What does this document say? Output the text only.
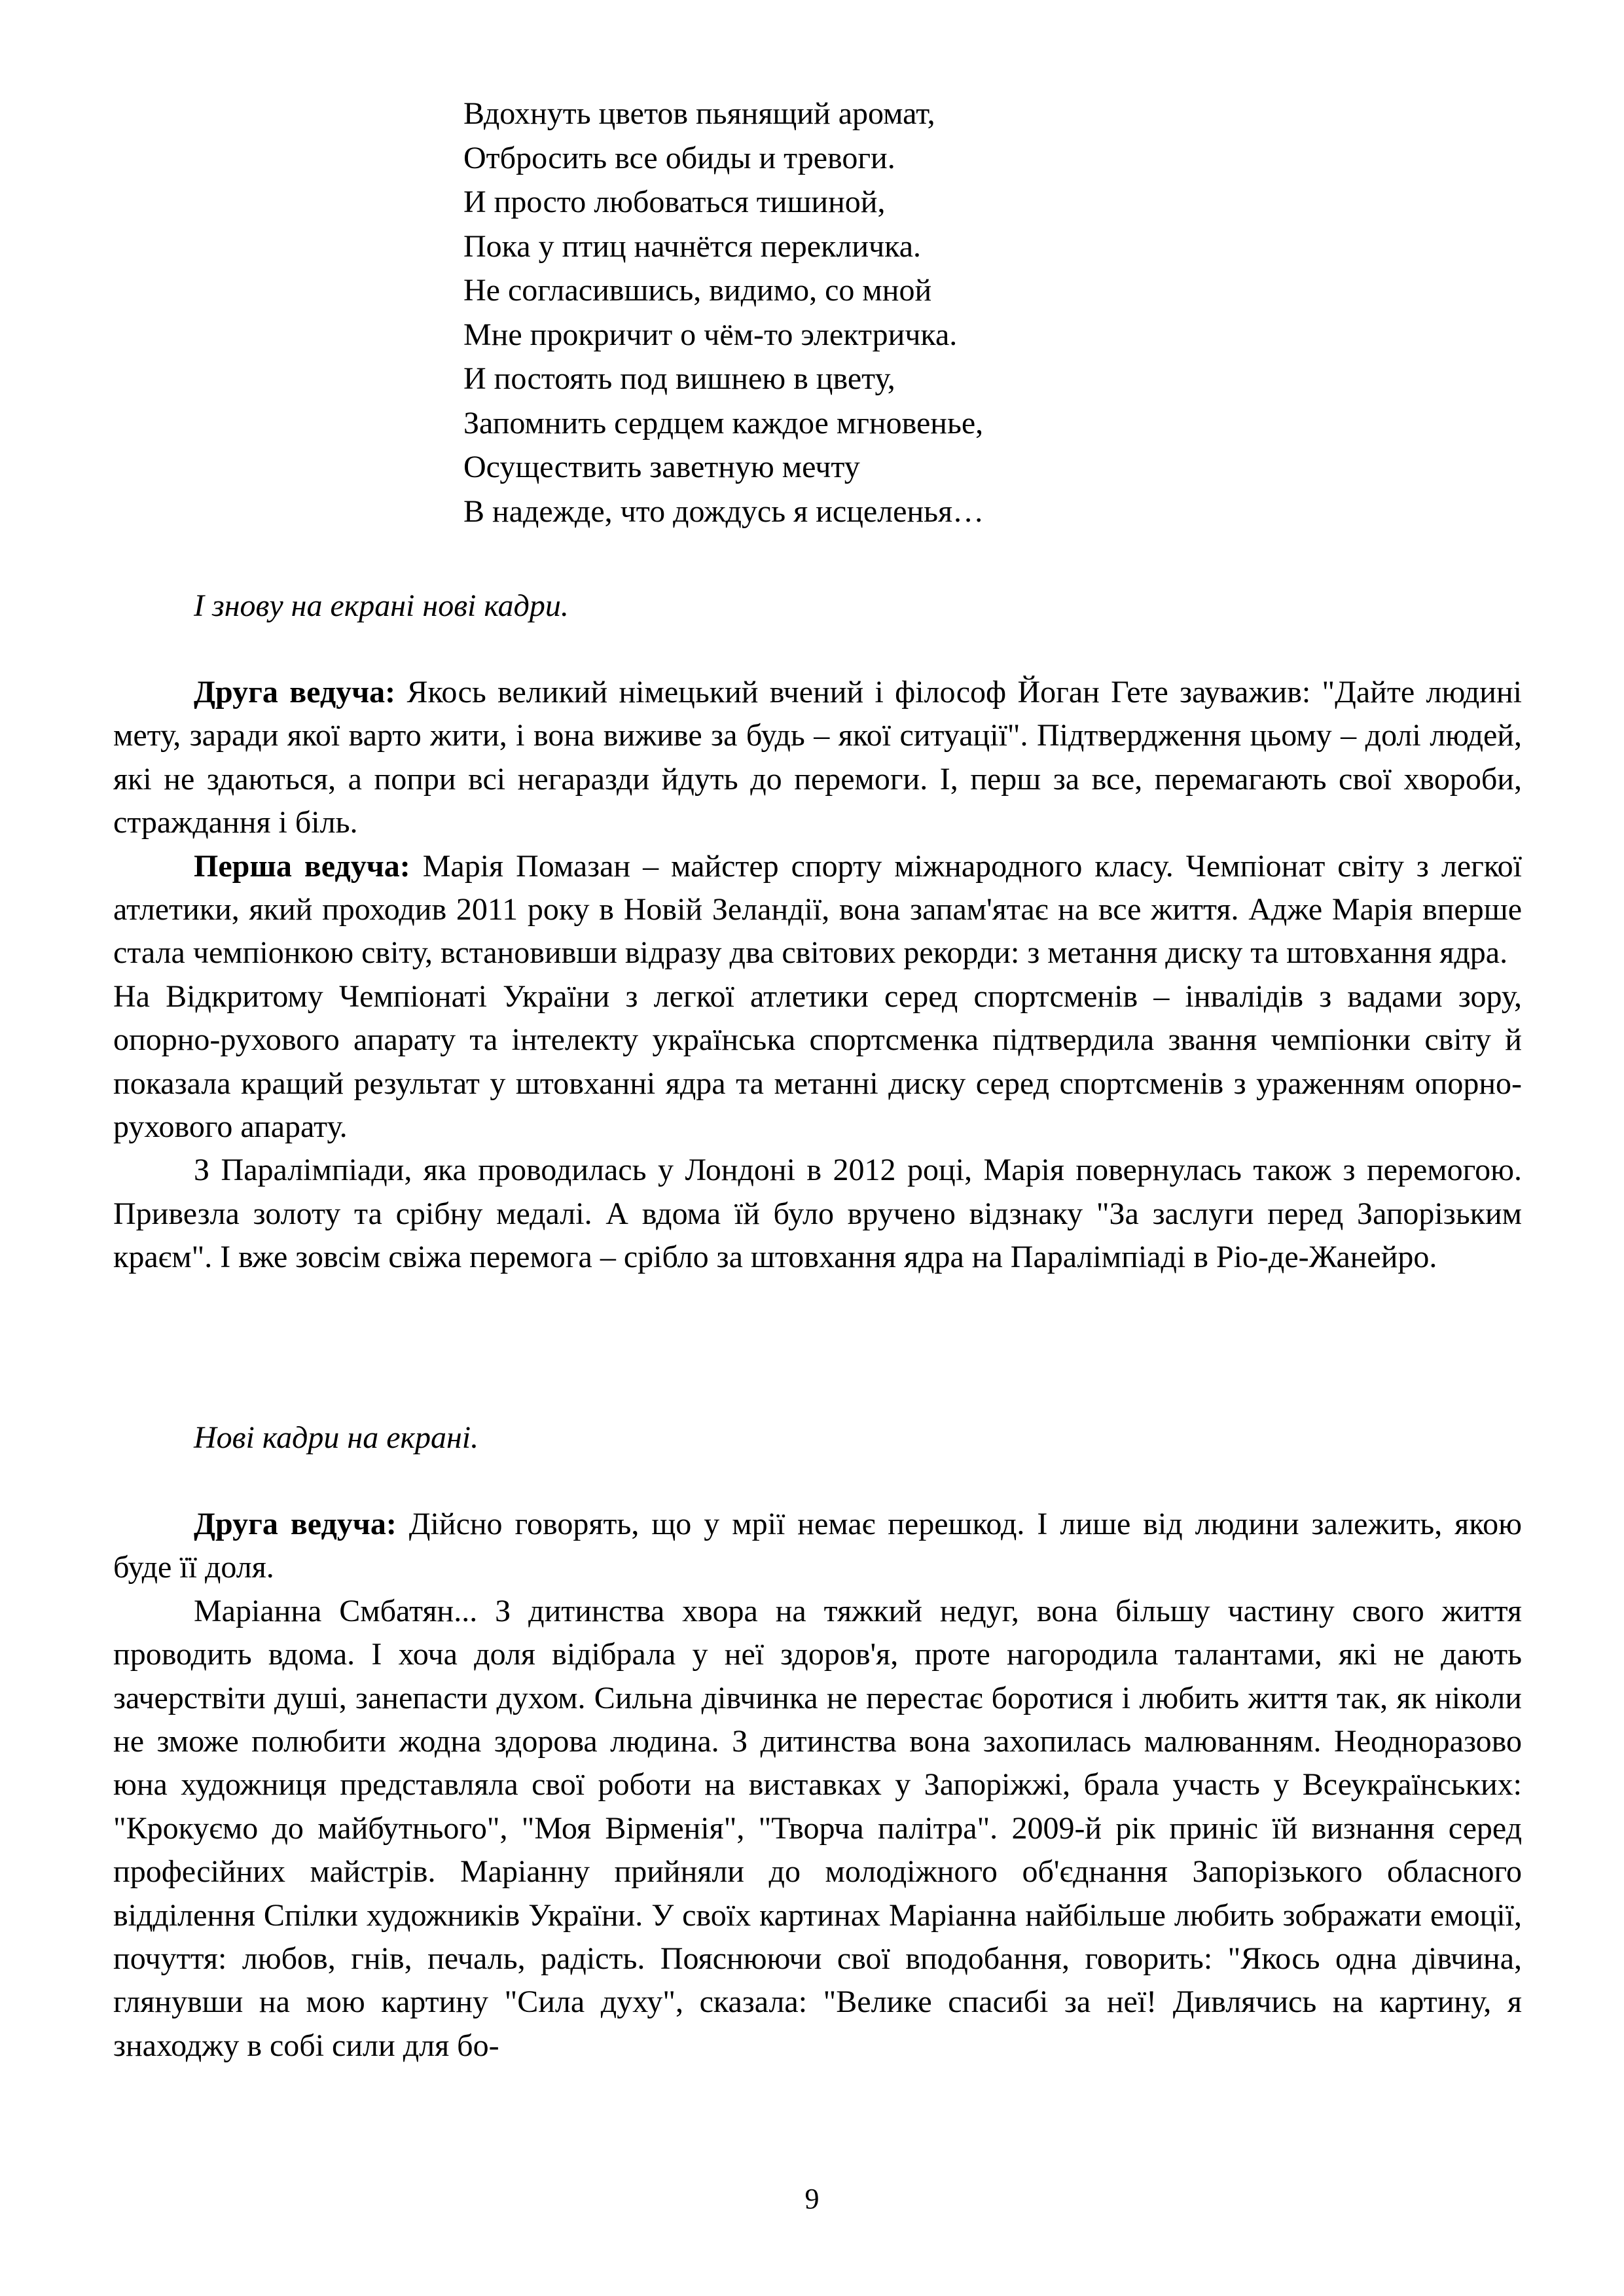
Вдохнуть цветов пьянящий аромат,
Отбросить все обиды и тревоги.
И просто любоваться тишиной,
Пока у птиц начнётся перекличка.
Не согласившись, видимо, со мной
Мне прокричит о чём-то электричка.
И постоять под вишнею в цвету,
Запомнить сердцем каждое мгновенье,
Осуществить заветную мечту
В надежде, что дождусь я исцеленья…
І знову на екрані нові кадри.

Друга ведуча: Якось великий німецький вчений і філософ Йоган Гете зауважив: "Дайте людині мету, заради якої варто жити, і вона виживе за будь – якої ситуації". Підтвердження цьому – долі людей, які не здаються, а попри всі негаразди йдуть до перемоги. І, перш за все, перемагають свої хвороби, страждання і біль.

Перша ведуча: Марія Помазан – майстер спорту міжнародного класу. Чемпіонат світу з легкої атлетики, який проходив 2011 року в Новій Зеландії, вона запам'ятає на все життя. Адже Марія вперше стала чемпіонкою світу, встановивши відразу два світових рекорди: з метання диску та штовхання ядра.

На Відкритому Чемпіонаті України з легкої атлетики серед спортсменів – інвалідів з вадами зору, опорно-рухового апарату та інтелекту українська спортсменка підтвердила звання чемпіонки світу й показала кращий результат у штовханні ядра та метанні диску серед спортсменів з ураженням опорно-рухового апарату.

З Паралімпіади, яка проводилась у Лондоні в 2012 році, Марія повернулась також з перемогою. Привезла золоту та срібну медалі. А вдома їй було вручено відзнаку "За заслуги перед Запорізьким краєм". І вже зовсім свіжа перемога – срібло за штовхання ядра на Паралімпіаді в Ріо-де-Жанейро.

Нові кадри на екрані.

Друга ведуча: Дійсно говорять, що у мрії немає перешкод. І лише від людини залежить, якою буде її доля.

Маріанна Смбатян... З дитинства хвора на тяжкий недуг, вона більшу частину свого життя проводить вдома. І хоча доля відібрала у неї здоров'я, проте нагородила талантами, які не дають зачерствіти душі, занепасти духом. Сильна дівчинка не перестає боротися і любить життя так, як ніколи не зможе полюбити жодна здорова людина. З дитинства вона захопилась малюванням. Неодноразово юна художниця представляла свої роботи на виставках у Запоріжжі, брала участь у Всеукраїнських: "Крокуємо до майбутнього", "Моя Вірменія", "Творча палітра". 2009-й рік приніс їй визнання серед професійних майстрів. Маріанну прийняли до молодіжного об'єднання Запорізького обласного відділення Спілки художників України. У своїх картинах Маріанна найбільше любить зображати емоції, почуття: любов, гнів, печаль, радість. Пояснюючи свої вподобання, говорить: "Якось одна дівчина, глянувши на мою картину "Сила духу", сказала: "Велике спасибі за неї! Дивлячись на картину, я знаходжу в собі сили для бо-

9
